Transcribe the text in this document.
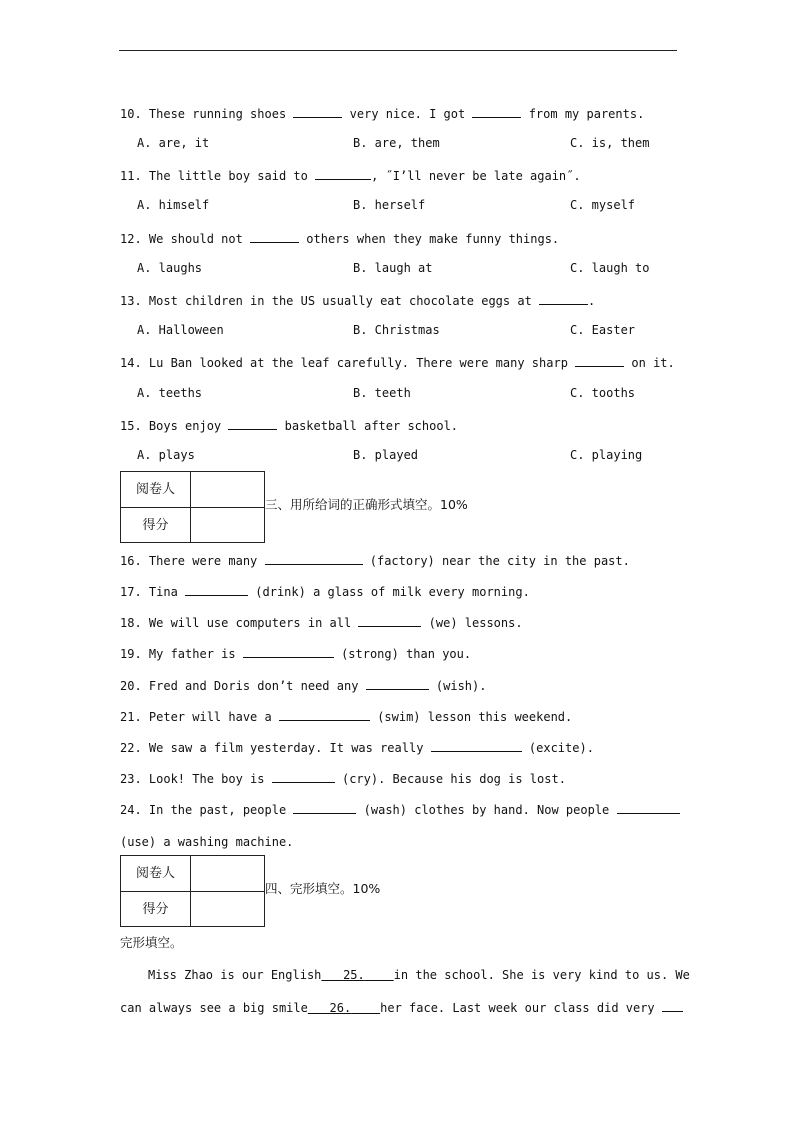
10. These running shoes	very nice. I got	from my parents.
A. are, it	B. are, them	C. is, them
11. The little boy said to	, ˝I’ll never be late again˝.
A. himself	B. herself	C. myself
12. We should not	others when they make funny things.
A. laughs	B. laugh at	C. laugh to
13. Most children in the US usually eat chocolate eggs at	.
A. Halloween	B. Christmas	C. Easter
14. Lu Ban looked at the leaf carefully. There were many sharp	on it.
A. teeths	B. teeth	C. tooths
15. Boys enjoy	basketball after school.
A. plays	B. played	C. playing
阅卷人
得分
三、用所给词的正确形式填空。10%
16. There were many	(factory) near the city in the past.
17. Tina	(drink) a glass of milk every morning.
18. We will use computers in all	(we) lessons.
19. My father is	(strong) than you.
20. Fred and Doris don’t need any	(wish).
21. Peter will have a	(swim) lesson this weekend.
22. We saw a film yesterday. It was really	(excite).
23. Look! The boy is	(cry). Because his dog is lost.
24. In the past, people	(wash) clothes by hand. Now people
(use) a washing machine.
阅卷人
得分
四、完形填空。10%
完形填空。
Miss Zhao is our English 25. in the school. She is very kind to us. We
can always see a big smile 26. her face. Last week our class did very
